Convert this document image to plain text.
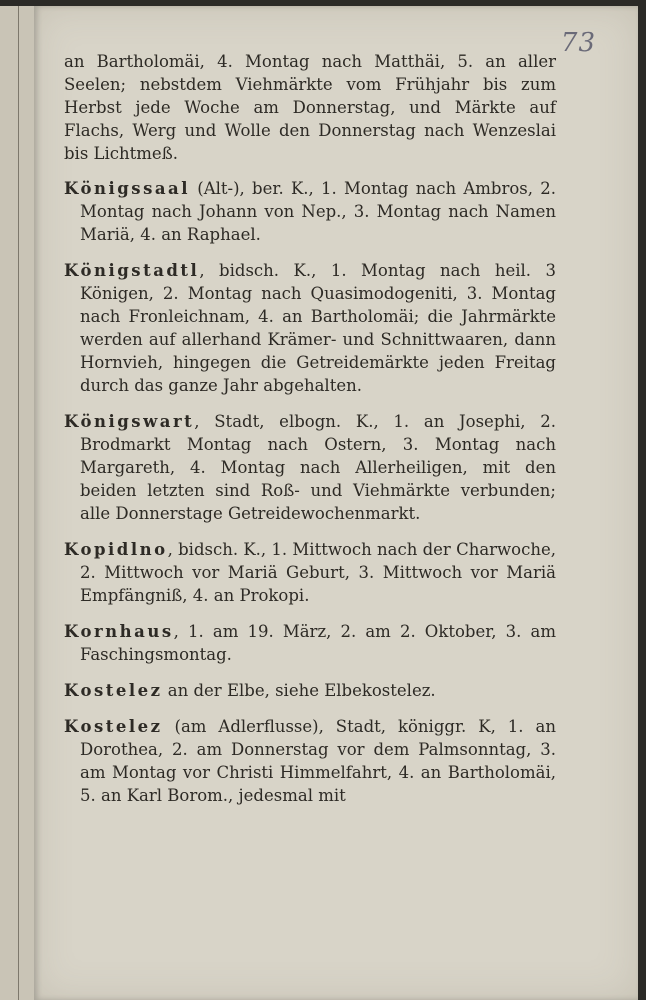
73

an Bartholomäi, 4. Montag nach Matthäi, 5. an aller Seelen; nebstdem Viehmärkte vom Frühjahr bis zum Herbst jede Woche am Donnerstag, und Märkte auf Flachs, Werg und Wolle den Donnerstag nach Wenzeslai bis Lichtmeß.

Königssaal (Alt-), ber. K., 1. Montag nach Ambros, 2. Montag nach Johann von Nep., 3. Montag nach Namen Mariä, 4. an Raphael.

Königstadtl, bidsch. K., 1. Montag nach heil. 3 Königen, 2. Montag nach Quasimodogeniti, 3. Montag nach Fronleichnam, 4. an Bartholomäi; die Jahrmärkte werden auf allerhand Krämer- und Schnittwaaren, dann Hornvieh, hingegen die Getreidemärkte jeden Freitag durch das ganze Jahr abgehalten.

Königswart, Stadt, elbogn. K., 1. an Josephi, 2. Brodmarkt Montag nach Ostern, 3. Montag nach Margareth, 4. Montag nach Allerheiligen, mit den beiden letzten sind Roß- und Viehmärkte verbunden; alle Donnerstage Getreidewochenmarkt.

Kopidlno, bidsch. K., 1. Mittwoch nach der Charwoche, 2. Mittwoch vor Mariä Geburt, 3. Mittwoch vor Mariä Empfängniß, 4. an Prokopi.

Kornhaus, 1. am 19. März, 2. am 2. Oktober, 3. am Faschingsmontag.

Kostelez an der Elbe, siehe Elbekostelez.

Kostelez (am Adlerflusse), Stadt, königgr. K, 1. an Dorothea, 2. am Donnerstag vor dem Palmsonntag, 3. am Montag vor Christi Himmelfahrt, 4. an Bartholomäi, 5. an Karl Borom., jedesmal mit
